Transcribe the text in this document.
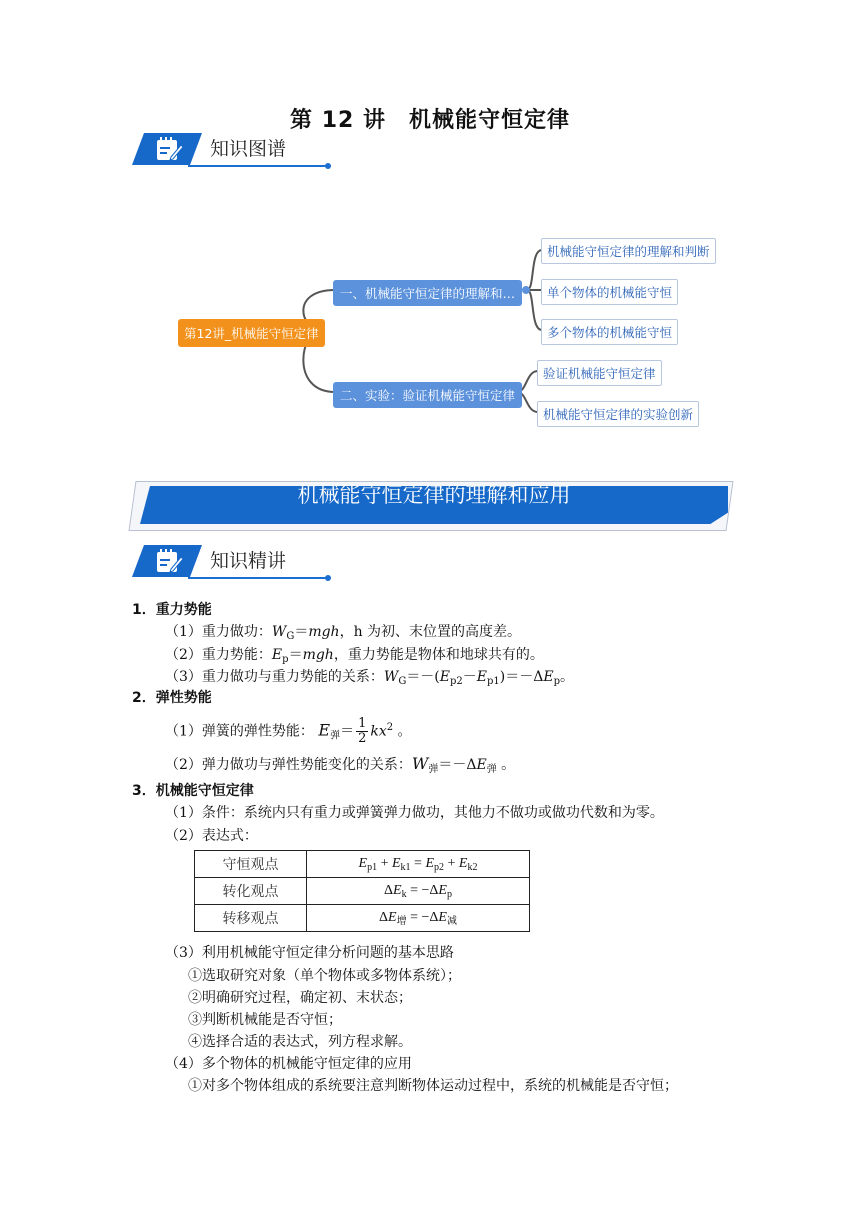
第 12 讲　机械能守恒定律
知识图谱
第12讲_机械能守恒定律
一、机械能守恒定律的理解和…
二、实验：验证机械能守恒定律
机械能守恒定律的理解和判断
单个物体的机械能守恒
多个物体的机械能守恒
验证机械能守恒定律
机械能守恒定律的实验创新
机械能守恒定律的理解和应用
知识精讲
1．重力势能
（1）重力做功：$W_G=mgh$，h 为初、末位置的高度差。
（2）重力势能：$E_p=mgh$，重力势能是物体和地球共有的。
（3）重力做功与重力势能的关系：$W_G=-(E_{p2}-E_{p1})=-\Delta E_p$。
2．弹性势能
（1）弹簧的弹性势能： $E_弹= \frac{1}{2} kx^2$ 。
（2）弹力做功与弹性势能变化的关系：$W_弹=-\Delta E_弹$ 。
3．机械能守恒定律
（1）条件：系统内只有重力或弹簧弹力做功，其他力不做功或做功代数和为零。
（2）表达式：
守恒观点	$E_{p1} + E_{k1} = E_{p2} + E_{k2}$
转化观点	$\Delta E_k = -\Delta E_p$
转移观点	$\Delta E_增 = -\Delta E_减$
（3）利用机械能守恒定律分析问题的基本思路
①选取研究对象（单个物体或多物体系统）；
②明确研究过程，确定初、末状态；
③判断机械能是否守恒；
④选择合适的表达式，列方程求解。
（4）多个物体的机械能守恒定律的应用
①对多个物体组成的系统要注意判断物体运动过程中，系统的机械能是否守恒；
